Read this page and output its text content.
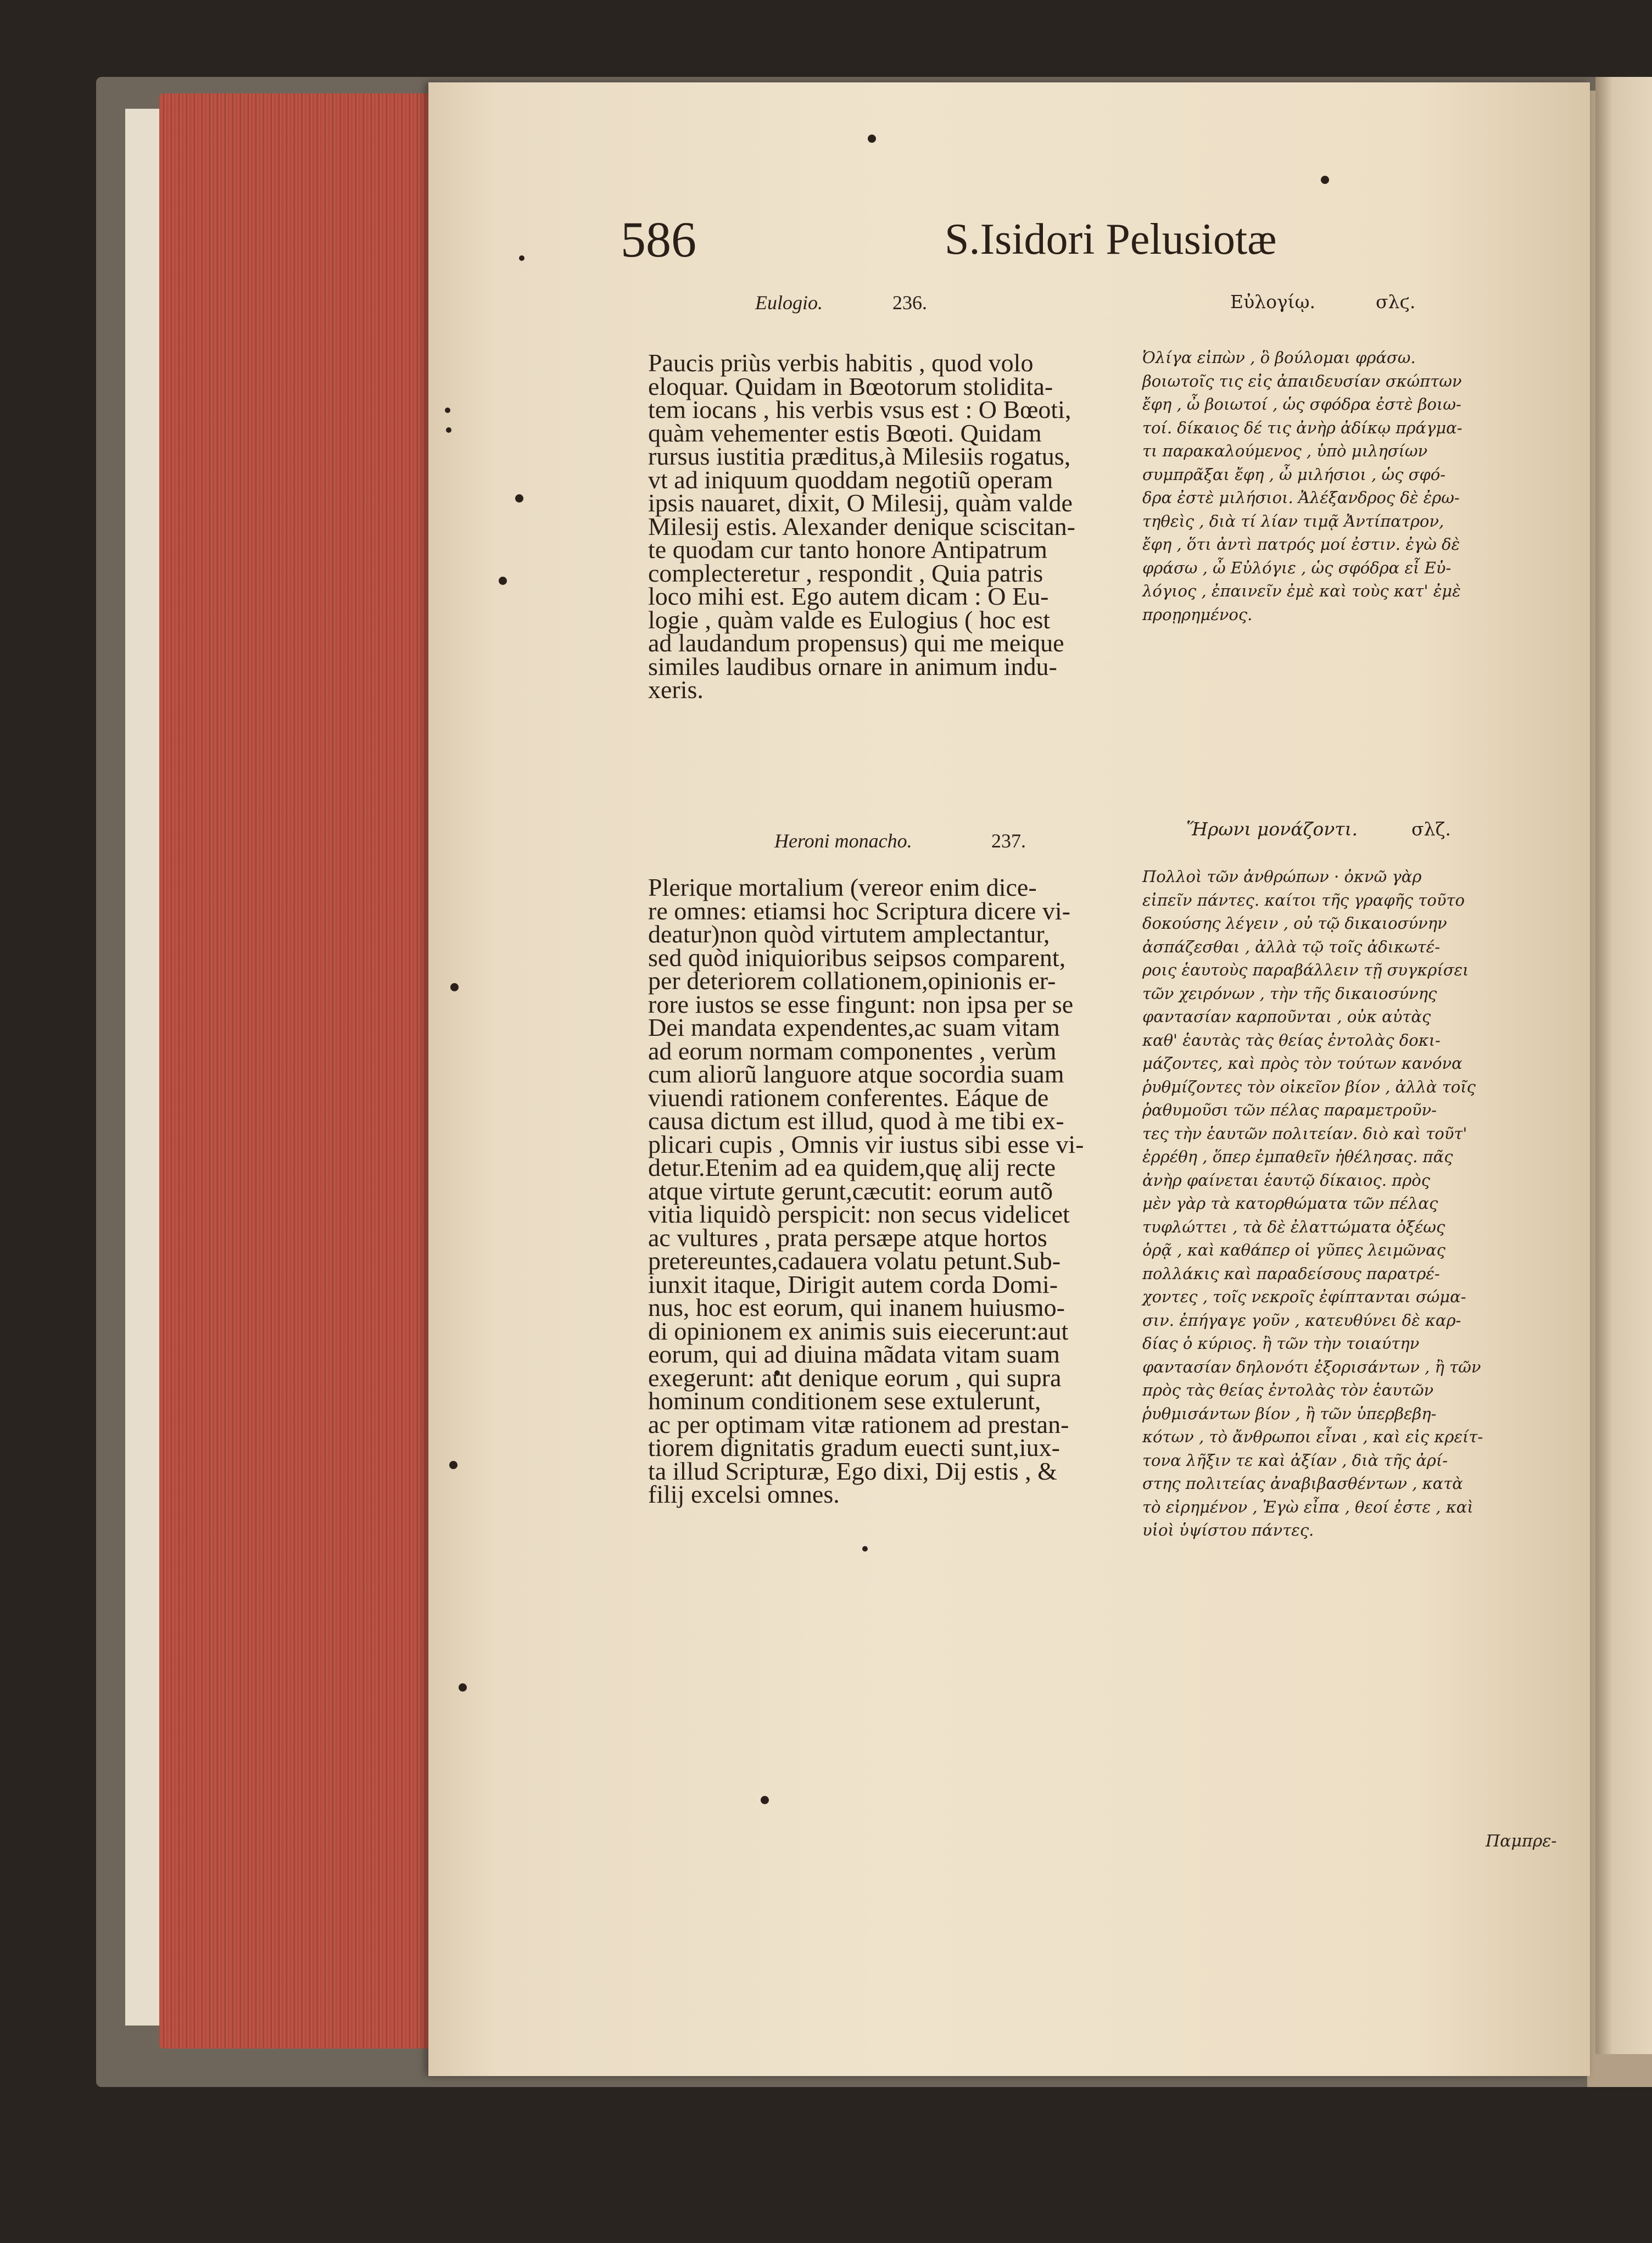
586	S.Isidori Pelusiotæ
Eulogio.	236.	Εὐλογίῳ.	σλϛ.
Paucis priùs verbis habitis , quod volo
eloquar. Quidam in Bœotorum stoliditа-
tem iocans , his verbis vsus est : O Bœoti,
quàm vehementer estis Bœoti. Quidam
rursus iustitia præditus,à Milesiis rogatus,
vt ad iniquum quoddam negotiũ operam
ipsis nauaret, dixit, O Milesij, quàm valde
Milesij estis. Alexander denique sciscitan-
te quodam cur tanto honore Antipatrum
complecteretur , respondit , Quia patris
loco mihi est. Ego autem dicam : O Eu-
logie , quàm valde es Eulogius ( hoc est
ad laudandum propensus) qui me meique
similes laudibus ornare in animum indu-
xeris.
Ὀλίγα εἰπὼν , ὃ βούλομαι φράσω.
βοιωτοῖς τις εἰς ἀπαιδευσίαν σκώπτων
ἔφη , ὦ βοιωτοί , ὡς σφόδρα ἐστὲ βοιω-
τοί. δίκαιος δέ τις ἀνὴρ ἀδίκῳ πράγμα-
τι παρακαλούμενος , ὑπὸ μιλησίων
συμπρᾶξαι ἔφη , ὦ μιλήσιοι , ὡς σφό-
δρα ἐστὲ μιλήσιοι. Ἀλέξανδρος δὲ ἐρω-
τηθεὶς , διὰ τί λίαν τιμᾷ Ἀντίπατρον,
ἔφη , ὅτι ἀντὶ πατρός μοί ἐστιν. ἐγὼ δὲ
φράσω , ὦ Εὐλόγιε , ὡς σφόδρα εἶ Εὐ-
λόγιος , ἐπαινεῖν ἐμὲ καὶ τοὺς κατ' ἐμὲ
προῃρημένος.
Heroni monacho.	237.
Ἥρωνι μονάζοντι.	σλζ.
Plerique mortalium (vereor enim dice-
re omnes: etiamsi hoc Scriptura dicere vi-
deatur)non quòd virtutem amplectantur,
sed quòd iniquioribus seipsos comparent,
per deteriorem collationem,opinionis er-
rore iustos se esse fingunt: non ipsa per se
Dei mandata expendentes,ac suam vitam
ad eorum normam componentes , verùm
cum aliorũ languore atque socordia suam
viuendi rationem conferentes. Eáque de
causa dictum est illud, quod à me tibi ex-
plicari cupis , Omnis vir iustus sibi esse vi-
detur.Etenim ad ea quidem,quę alij recte
atque virtute gerunt,cæcutit: eorum autõ
vitia liquidò perspicit: non secus videlicet
ac vultures , prata persæpe atque hortos
pretereuntes,cadauera volatu petunt.Sub-
iunxit itaque, Dirigit autem corda Domi-
nus, hoc est eorum, qui inanem huiusmo-
di opinionem ex animis suis eiecerunt:aut
eorum, qui ad diuina mãdata vitam suam
exegerunt: aut denique eorum , qui supra
hominum conditionem sese extulerunt,
ac per optimam vitæ rationem ad prestan-
tiorem dignitatis gradum euecti sunt,iux-
ta illud Scripturæ, Ego dixi, Dij estis , &
filij excelsi omnes.
Πολλοὶ τῶν ἀνθρώπων · ὀκνῶ γὰρ
εἰπεῖν πάντες. καίτοι τῆς γραφῆς τοῦτο
δοκούσης λέγειν , οὐ τῷ δικαιοσύνην
ἀσπάζεσθαι , ἀλλὰ τῷ τοῖς ἀδικωτέ-
ροις ἑαυτοὺς παραβάλλειν τῇ συγκρίσει
τῶν χειρόνων , τὴν τῆς δικαιοσύνης
φαντασίαν καρποῦνται , οὐκ αὐτὰς
καθ' ἑαυτὰς τὰς θείας ἐντολὰς δοκι-
μάζοντες, καὶ πρὸς τὸν τούτων κανόνα
ῥυθμίζοντες τὸν οἰκεῖον βίον , ἀλλὰ τοῖς
ῥαθυμοῦσι τῶν πέλας παραμετροῦν-
τες τὴν ἑαυτῶν πολιτείαν. διὸ καὶ τοῦτ'
ἐρρέθη , ὅπερ ἐμπαθεῖν ἠθέλησας. πᾶς
ἀνὴρ φαίνεται ἑαυτῷ δίκαιος. πρὸς
μὲν γὰρ τὰ κατορθώματα τῶν πέλας
τυφλώττει , τὰ δὲ ἐλαττώματα ὀξέως
ὁρᾷ , καὶ καθάπερ οἱ γῦπες λειμῶνας
πολλάκις καὶ παραδείσους παρατρέ-
χοντες , τοῖς νεκροῖς ἐφίπτανται σώμα-
σιν. ἐπήγαγε γοῦν , κατευθύνει δὲ καρ-
δίας ὁ κύριος. ἢ τῶν τὴν τοιαύτην
φαντασίαν δηλονότι ἐξορισάντων , ἢ τῶν
πρὸς τὰς θείας ἐντολὰς τὸν ἑαυτῶν
ῥυθμισάντων βίον , ἢ τῶν ὑπερβεβη-
κότων , τὸ ἄνθρωποι εἶναι , καὶ εἰς κρείτ-
τονα λῆξιν τε καὶ ἀξίαν , διὰ τῆς ἀρί-
στης πολιτείας ἀναβιβασθέντων , κατὰ
τὸ εἰρημένον , Ἐγὼ εἶπα , θεοί ἐστε , καὶ
υἱοὶ ὑψίστου πάντες.
Παμπρε-
